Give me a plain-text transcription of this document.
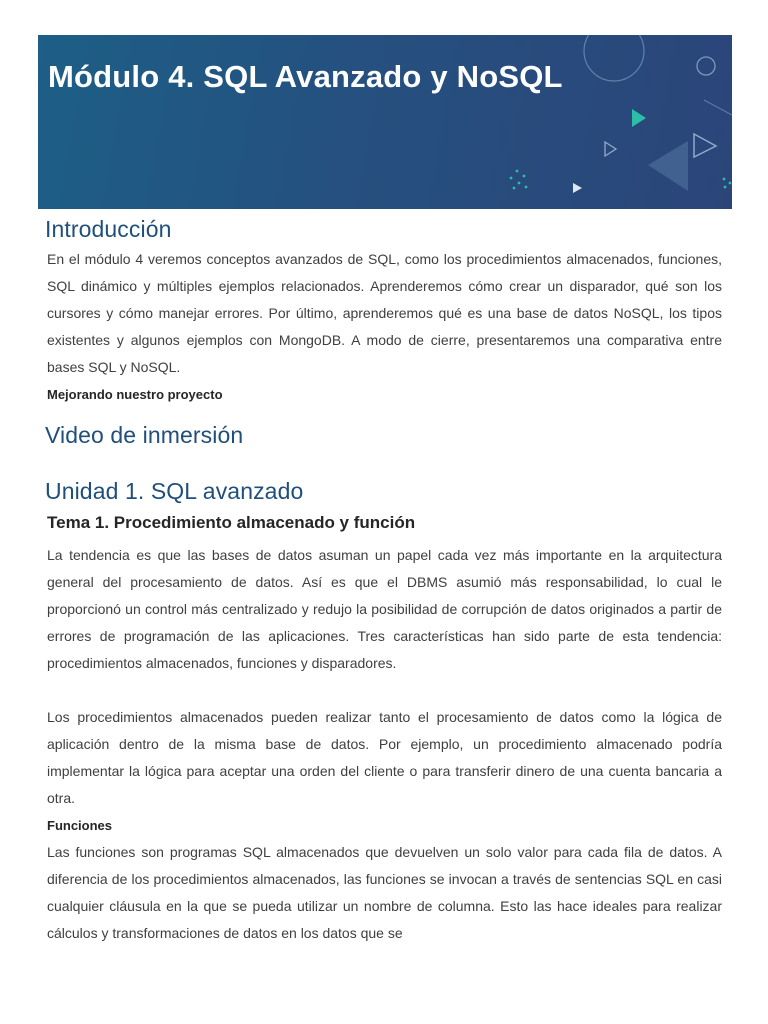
Módulo 4. SQL Avanzado y NoSQL
Introducción

En el módulo 4 veremos conceptos avanzados de SQL, como los procedimientos almacenados, funciones, SQL dinámico y múltiples ejemplos relacionados. Aprenderemos cómo crear un disparador, qué son los cursores y cómo manejar errores. Por último, aprenderemos qué es una base de datos NoSQL, los tipos existentes y algunos ejemplos con MongoDB. A modo de cierre, presentaremos una comparativa entre bases SQL y NoSQL.

Mejorando nuestro proyecto
Video de inmersión
Unidad 1. SQL avanzado
Tema 1. Procedimiento almacenado y función

La tendencia es que las bases de datos asuman un papel cada vez más importante en la arquitectura general del procesamiento de datos. Así es que el DBMS asumió más responsabilidad, lo cual le proporcionó un control más centralizado y redujo la posibilidad de corrupción de datos originados a partir de errores de programación de las aplicaciones. Tres características han sido parte de esta tendencia: procedimientos almacenados, funciones y disparadores.

Los procedimientos almacenados pueden realizar tanto el procesamiento de datos como la lógica de aplicación dentro de la misma base de datos. Por ejemplo, un procedimiento almacenado podría implementar la lógica para aceptar una orden del cliente o para transferir dinero de una cuenta bancaria a otra.

Funciones

Las funciones son programas SQL almacenados que devuelven un solo valor para cada fila de datos. A diferencia de los procedimientos almacenados, las funciones se invocan a través de sentencias SQL en casi cualquier cláusula en la que se pueda utilizar un nombre de columna. Esto las hace ideales para realizar cálculos y transformaciones de datos en los datos que se
